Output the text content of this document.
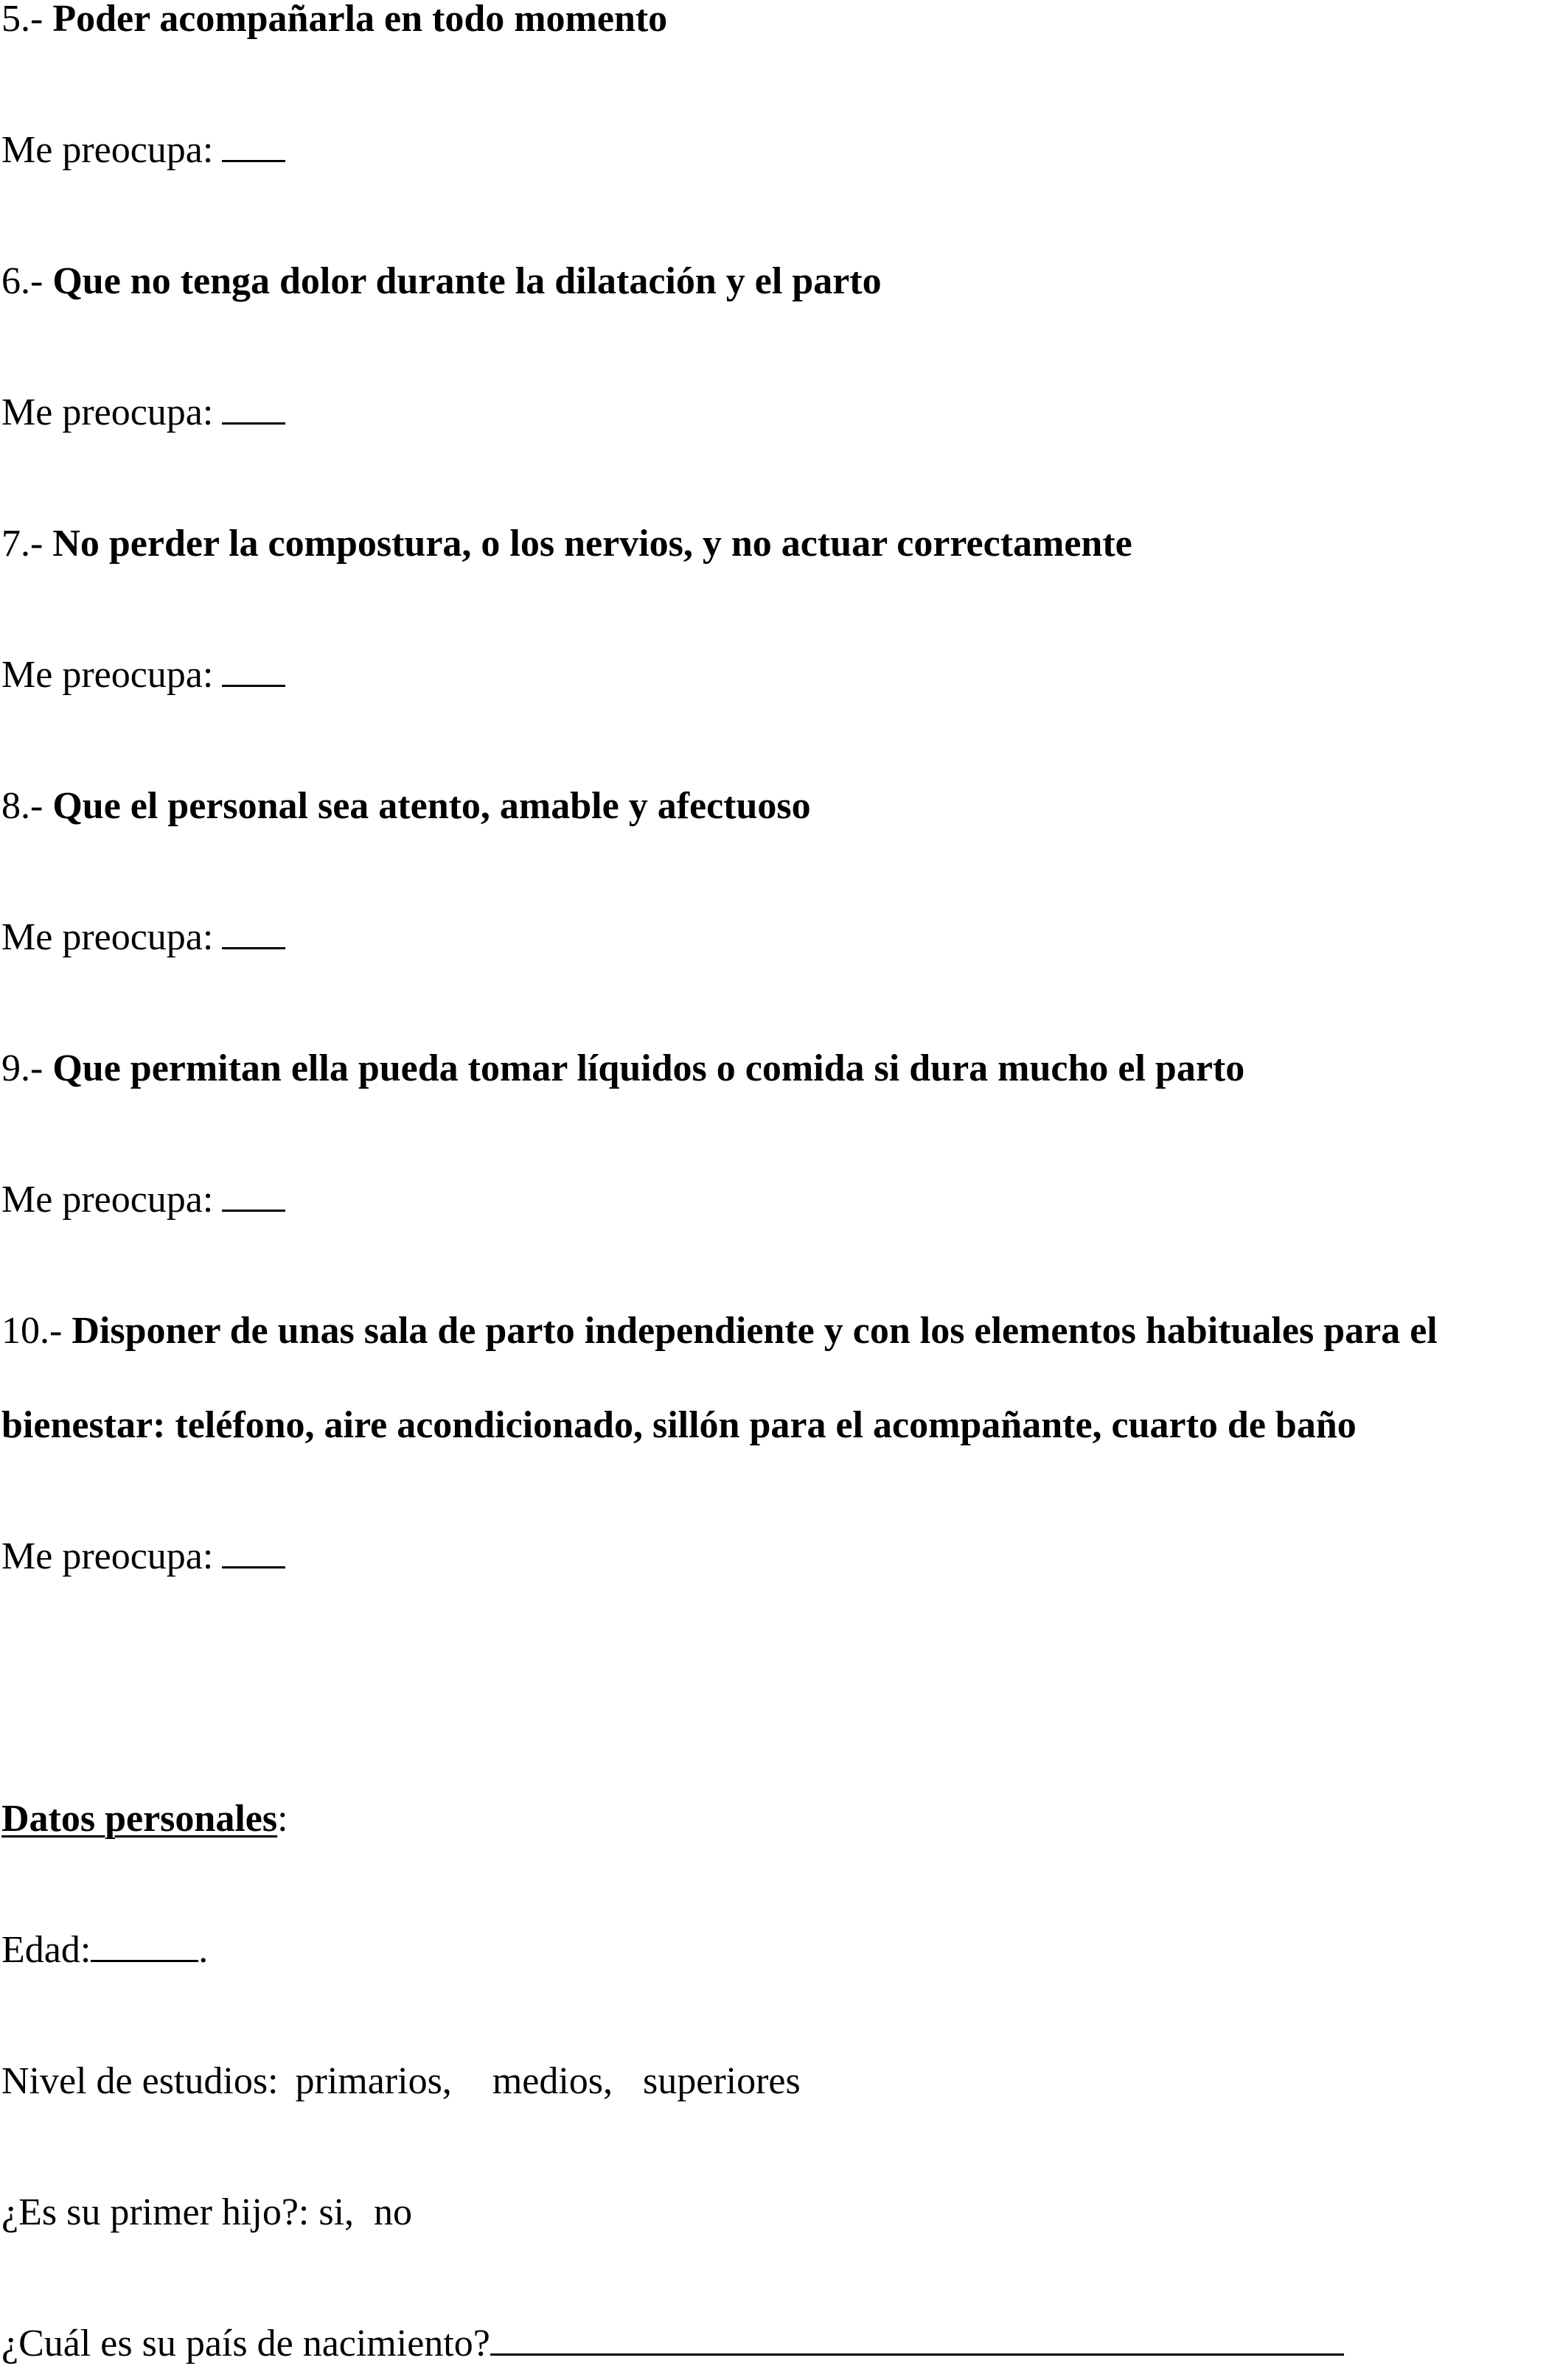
5.- Poder acompañarla en todo momento
Me preocupa:
6.- Que no tenga dolor durante la dilatación y el parto
Me preocupa:
7.- No perder la compostura, o los nervios, y no actuar correctamente
Me preocupa:
8.- Que el personal sea atento, amable y afectuoso
Me preocupa:
9.- Que permitan ella pueda tomar líquidos o comida si dura mucho el parto
Me preocupa:
10.- Disponer de unas sala de parto independiente y con los elementos habituales para el
bienestar: teléfono, aire acondicionado, sillón para el acompañante, cuarto de baño
Me preocupa:
Datos personales:
Edad:	.
Nivel de estudios: primarios, medios, superiores
¿Es su primer hijo?: si, no
¿Cuál es su país de nacimiento?
